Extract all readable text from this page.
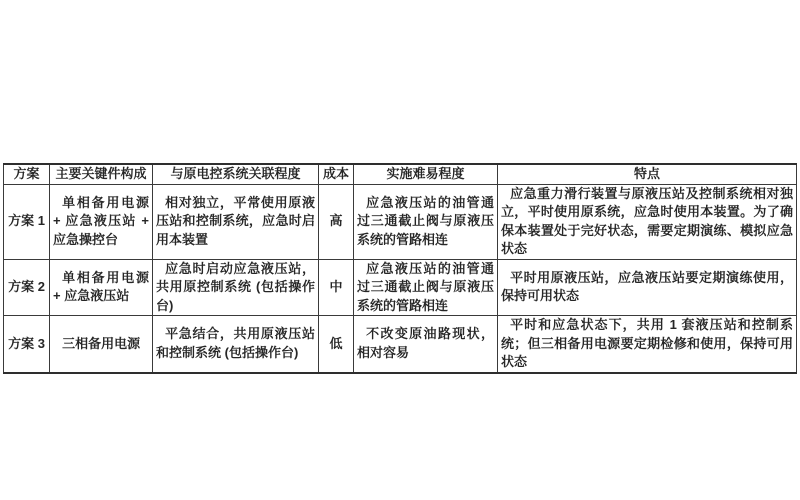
方案	主要关键件构成	与原电控系统关联程度	成本	实施难易程度	特点
方案 1	单相备用电源 + 应急液压站 + 应急操控台	相对独立，平常使用原液压站和控制系统，应急时启用本装置	高	应急液压站的油管通过三通截止阀与原液压系统的管路相连	应急重力滑行装置与原液压站及控制系统相对独立，平时使用原系统，应急时使用本装置。为了确保本装置处于完好状态，需要定期演练、模拟应急状态
方案 2	单相备用电源 + 应急液压站	应急时启动应急液压站，共用原控制系统 (包括操作台)	中	应急液压站的油管通过三通截止阀与原液压系统的管路相连	平时用原液压站，应急液压站要定期演练使用，保持可用状态
方案 3	三相备用电源	平急结合，共用原液压站和控制系统 (包括操作台)	低	不改变原油路现状，相对容易	平时和应急状态下，共用 1 套液压站和控制系统；但三相备用电源要定期检修和使用，保持可用状态
